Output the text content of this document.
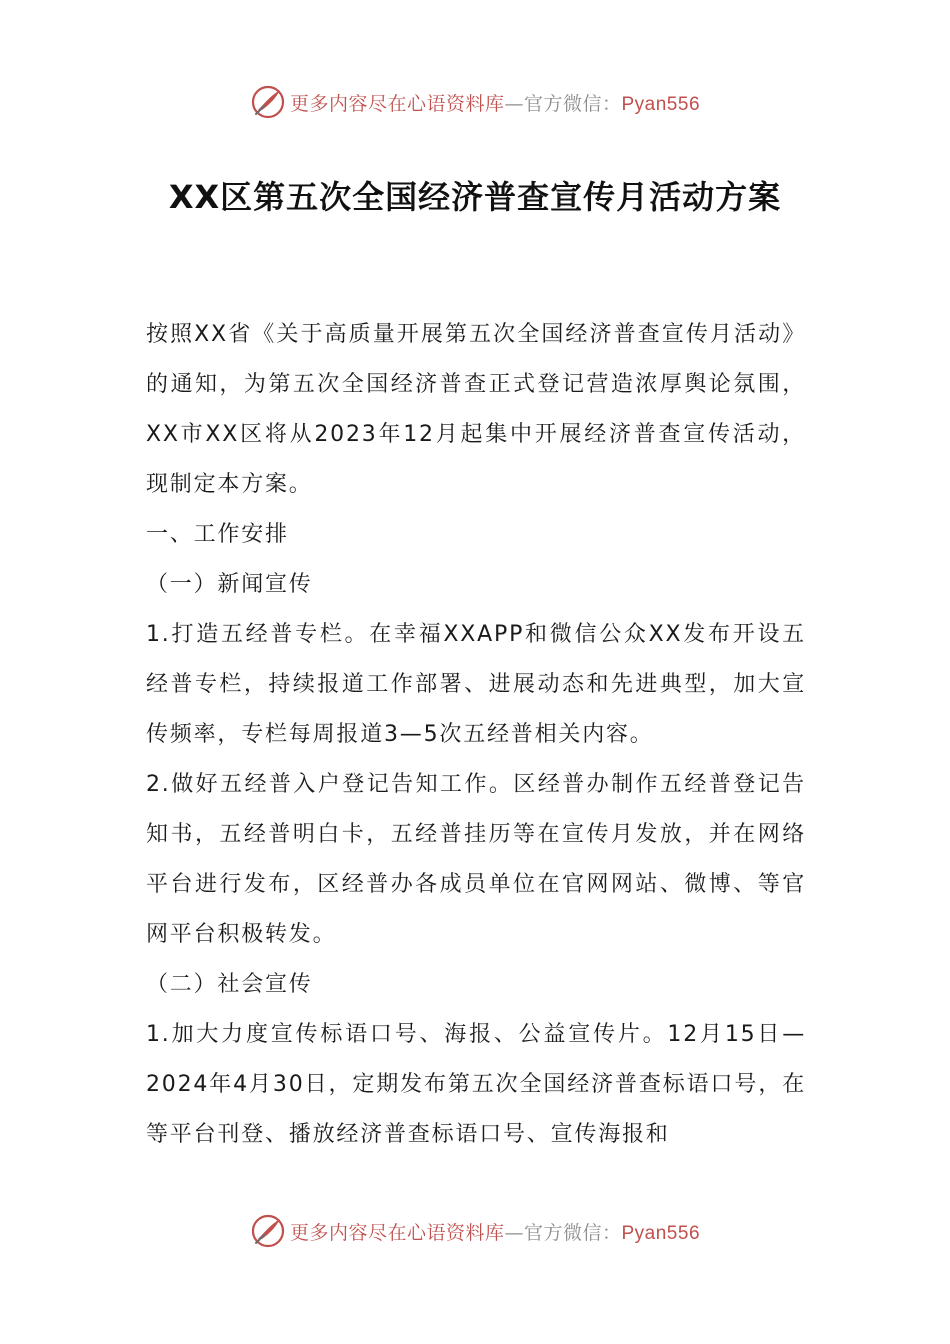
更多内容尽在心语资料库—官方微信：Pyan556
XX区第五次全国经济普查宣传月活动方案

按照XX省《关于高质量开展第五次全国经济普查宣传月活动》的通知，为第五次全国经济普查正式登记营造浓厚舆论氛围，XX市XX区将从2023年12月起集中开展经济普查宣传活动，现制定本方案。

一、工作安排

（一）新闻宣传

1.打造五经普专栏。在幸福XXAPP和微信公众XX发布开设五经普专栏，持续报道工作部署、进展动态和先进典型，加大宣传频率，专栏每周报道3—5次五经普相关内容。

2.做好五经普入户登记告知工作。区经普办制作五经普登记告知书，五经普明白卡，五经普挂历等在宣传月发放，并在网络平台进行发布，区经普办各成员单位在官网网站、微博、等官网平台积极转发。

（二）社会宣传

1.加大力度宣传标语口号、海报、公益宣传片。12月15日—2024年4月30日，定期发布第五次全国经济普查标语口号，在等平台刊登、播放经济普查标语口号、宣传海报和

更多内容尽在心语资料库—官方微信：Pyan556
